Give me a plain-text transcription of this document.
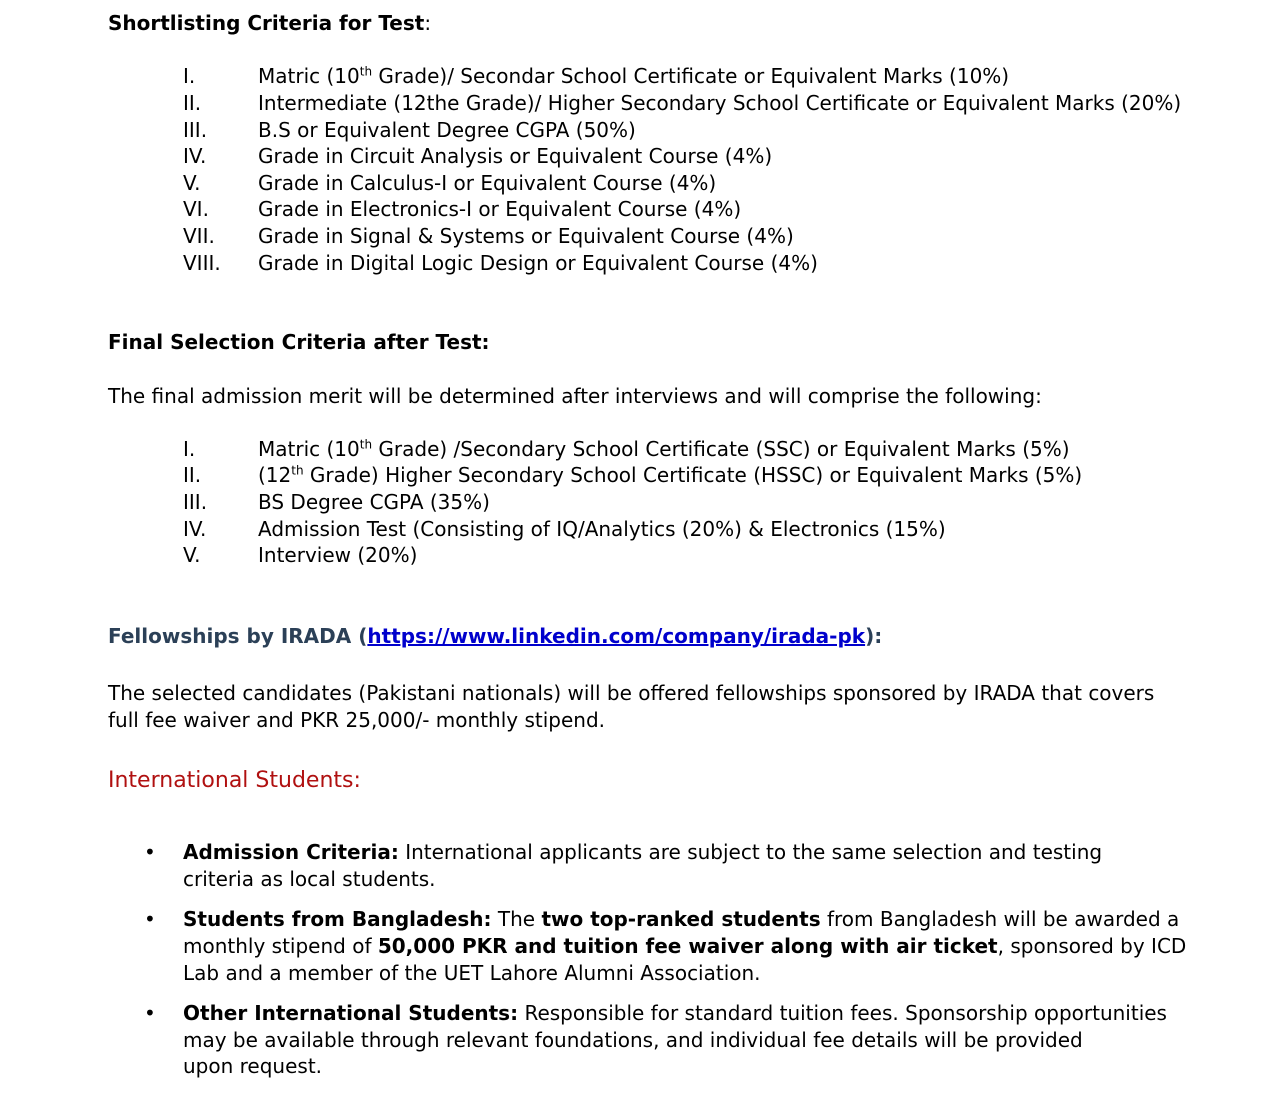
Shortlisting Criteria for Test:
I.	Matric (10th Grade)/ Secondar School Certificate or Equivalent Marks (10%)
II.	Intermediate (12the Grade)/ Higher Secondary School Certificate or Equivalent Marks (20%)
III.	B.S or Equivalent Degree CGPA (50%)
IV.	Grade in Circuit Analysis or Equivalent Course (4%)
V.	Grade in Calculus-I or Equivalent Course (4%)
VI. Grade in Electronics-I or Equivalent Course (4%)
VII. Grade in Signal & Systems or Equivalent Course (4%)
VIII. Grade in Digital Logic Design or Equivalent Course (4%)
Final Selection Criteria after Test:
The final admission merit will be determined after interviews and will comprise the following:
I.	Matric (10th Grade) /Secondary School Certificate (SSC) or Equivalent Marks (5%)
II.	(12th Grade) Higher Secondary School Certificate (HSSC) or Equivalent Marks (5%)
III.	BS Degree CGPA (35%)
IV.	Admission Test (Consisting of IQ/Analytics (20%) & Electronics (15%)
V.	Interview (20%)
Fellowships by IRADA (https://www.linkedin.com/company/irada-pk):
The selected candidates (Pakistani nationals) will be offered fellowships sponsored by IRADA that covers
full fee waiver and PKR 25,000/- monthly stipend.
International Students:
• Admission Criteria: International applicants are subject to the same selection and testing
criteria as local students.
• Students from Bangladesh: The two top-ranked students from Bangladesh will be awarded a
monthly stipend of 50,000 PKR and tuition fee waiver along with air ticket, sponsored by ICD
Lab and a member of the UET Lahore Alumni Association.
• Other International Students: Responsible for standard tuition fees. Sponsorship opportunities
may be available through relevant foundations, and individual fee details will be provided
upon request.
